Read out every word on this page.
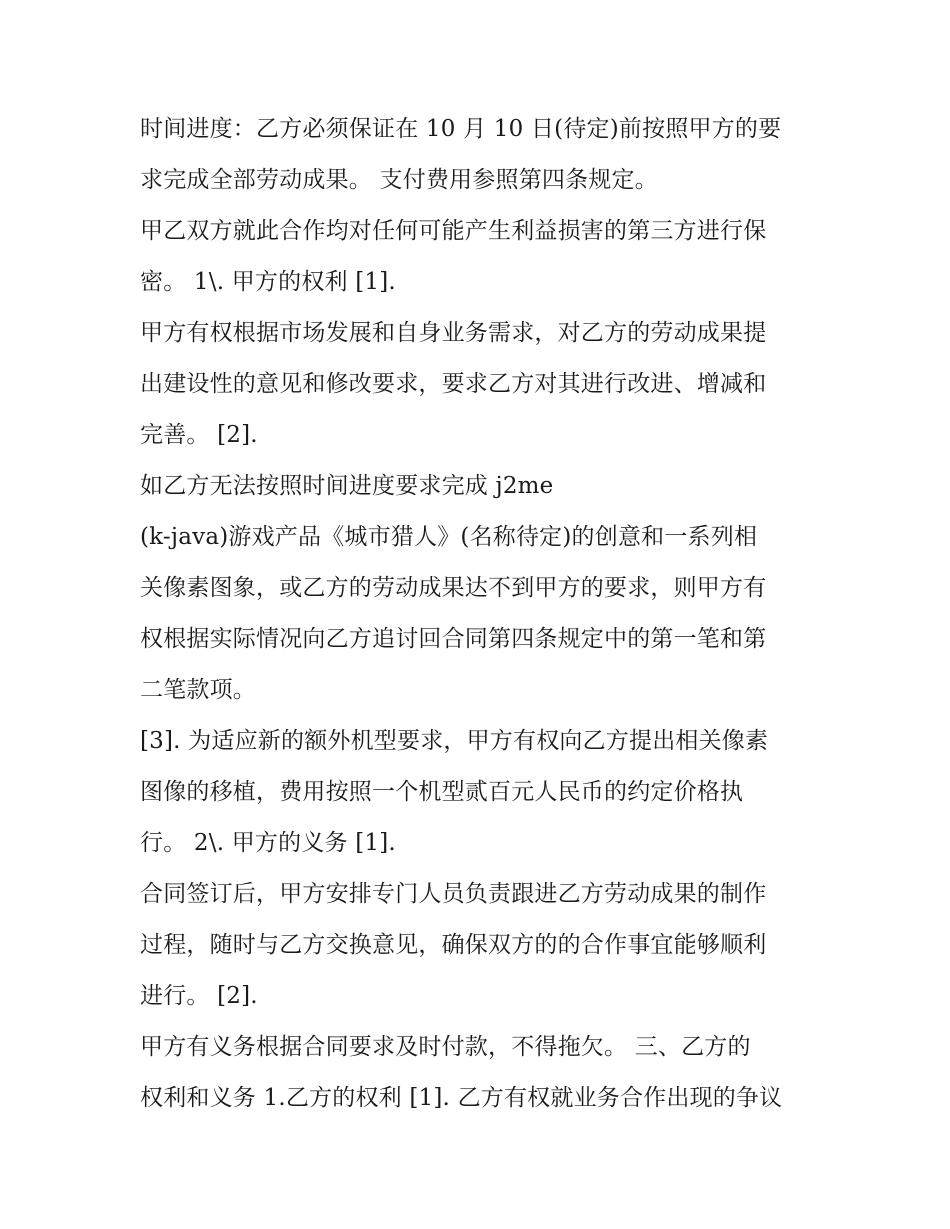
时间进度：乙方必须保证在 10 月 10 日(待定)前按照甲方的要
求完成全部劳动成果。 支付费用参照第四条规定。
甲乙双方就此合作均对任何可能产生利益损害的第三方进行保
密。 1\. 甲方的权利 [1].
甲方有权根据市场发展和自身业务需求，对乙方的劳动成果提
出建设性的意见和修改要求，要求乙方对其进行改进、增减和
完善。 [2].
如乙方无法按照时间进度要求完成 j2me
(k-java)游戏产品《城市猎人》(名称待定)的创意和一系列相
关像素图象，或乙方的劳动成果达不到甲方的要求，则甲方有
权根据实际情况向乙方追讨回合同第四条规定中的第一笔和第
二笔款项。
[3]. 为适应新的额外机型要求，甲方有权向乙方提出相关像素
图像的移植，费用按照一个机型贰百元人民币的约定价格执
行。 2\. 甲方的义务 [1].
合同签订后，甲方安排专门人员负责跟进乙方劳动成果的制作
过程，随时与乙方交换意见，确保双方的的合作事宜能够顺利
进行。 [2].
甲方有义务根据合同要求及时付款，不得拖欠。 三、乙方的
权利和义务 1.乙方的权利 [1]. 乙方有权就业务合作出现的争议
